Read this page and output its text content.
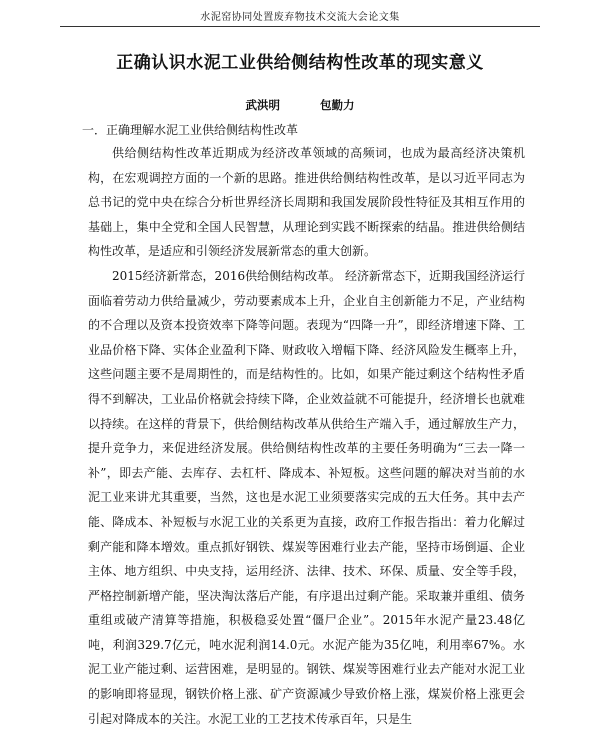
水泥窑协同处置废弃物技术交流大会论文集
正确认识水泥工业供给侧结构性改革的现实意义
武洪明	包勤力
一．正确理解水泥工业供给侧结构性改革

供给侧结构性改革近期成为经济改革领域的高频词，也成为最高经济决策机构，在宏观调控方面的一个新的思路。推进供给侧结构性改革，是以习近平同志为总书记的党中央在综合分析世界经济长周期和我国发展阶段性特征及其相互作用的基础上，集中全党和全国人民智慧，从理论到实践不断探索的结晶。推进供给侧结构性改革，是适应和引领经济发展新常态的重大创新。

2015经济新常态，2016供给侧结构改革。 经济新常态下，近期我国经济运行面临着劳动力供给量减少，劳动要素成本上升，企业自主创新能力不足，产业结构的不合理以及资本投资效率下降等问题。表现为“四降一升”，即经济增速下降、工业品价格下降、实体企业盈利下降、财政收入增幅下降、经济风险发生概率上升，这些问题主要不是周期性的，而是结构性的。比如，如果产能过剩这个结构性矛盾得不到解决，工业品价格就会持续下降，企业效益就不可能提升，经济增长也就难以持续。在这样的背景下，供给侧结构改革从供给生产端入手，通过解放生产力，提升竞争力，来促进经济发展。供给侧结构性改革的主要任务明确为“三去一降一补”，即去产能、去库存、去杠杆、降成本、补短板。这些问题的解决对当前的水泥工业来讲尤其重要，当然，这也是水泥工业须要落实完成的五大任务。其中去产能、降成本、补短板与水泥工业的关系更为直接，政府工作报告指出：着力化解过剩产能和降本增效。重点抓好钢铁、煤炭等困难行业去产能，坚持市场倒逼、企业主体、地方组织、中央支持，运用经济、法律、技术、环保、质量、安全等手段，严格控制新增产能，坚决淘汰落后产能，有序退出过剩产能。采取兼并重组、债务重组或破产清算等措施，积极稳妥处置“僵尸企业”。2015年水泥产量23.48亿吨，利润329.7亿元，吨水泥利润14.0元。水泥产能为35亿吨，利用率67%。水泥工业产能过剩、运营困难，是明显的。钢铁、煤炭等困难行业去产能对水泥工业的影响即将显现，钢铁价格上涨、矿产资源减少导致价格上涨，煤炭价格上涨更会引起对降成本的关注。水泥工业的工艺技术传承百年，只是生
